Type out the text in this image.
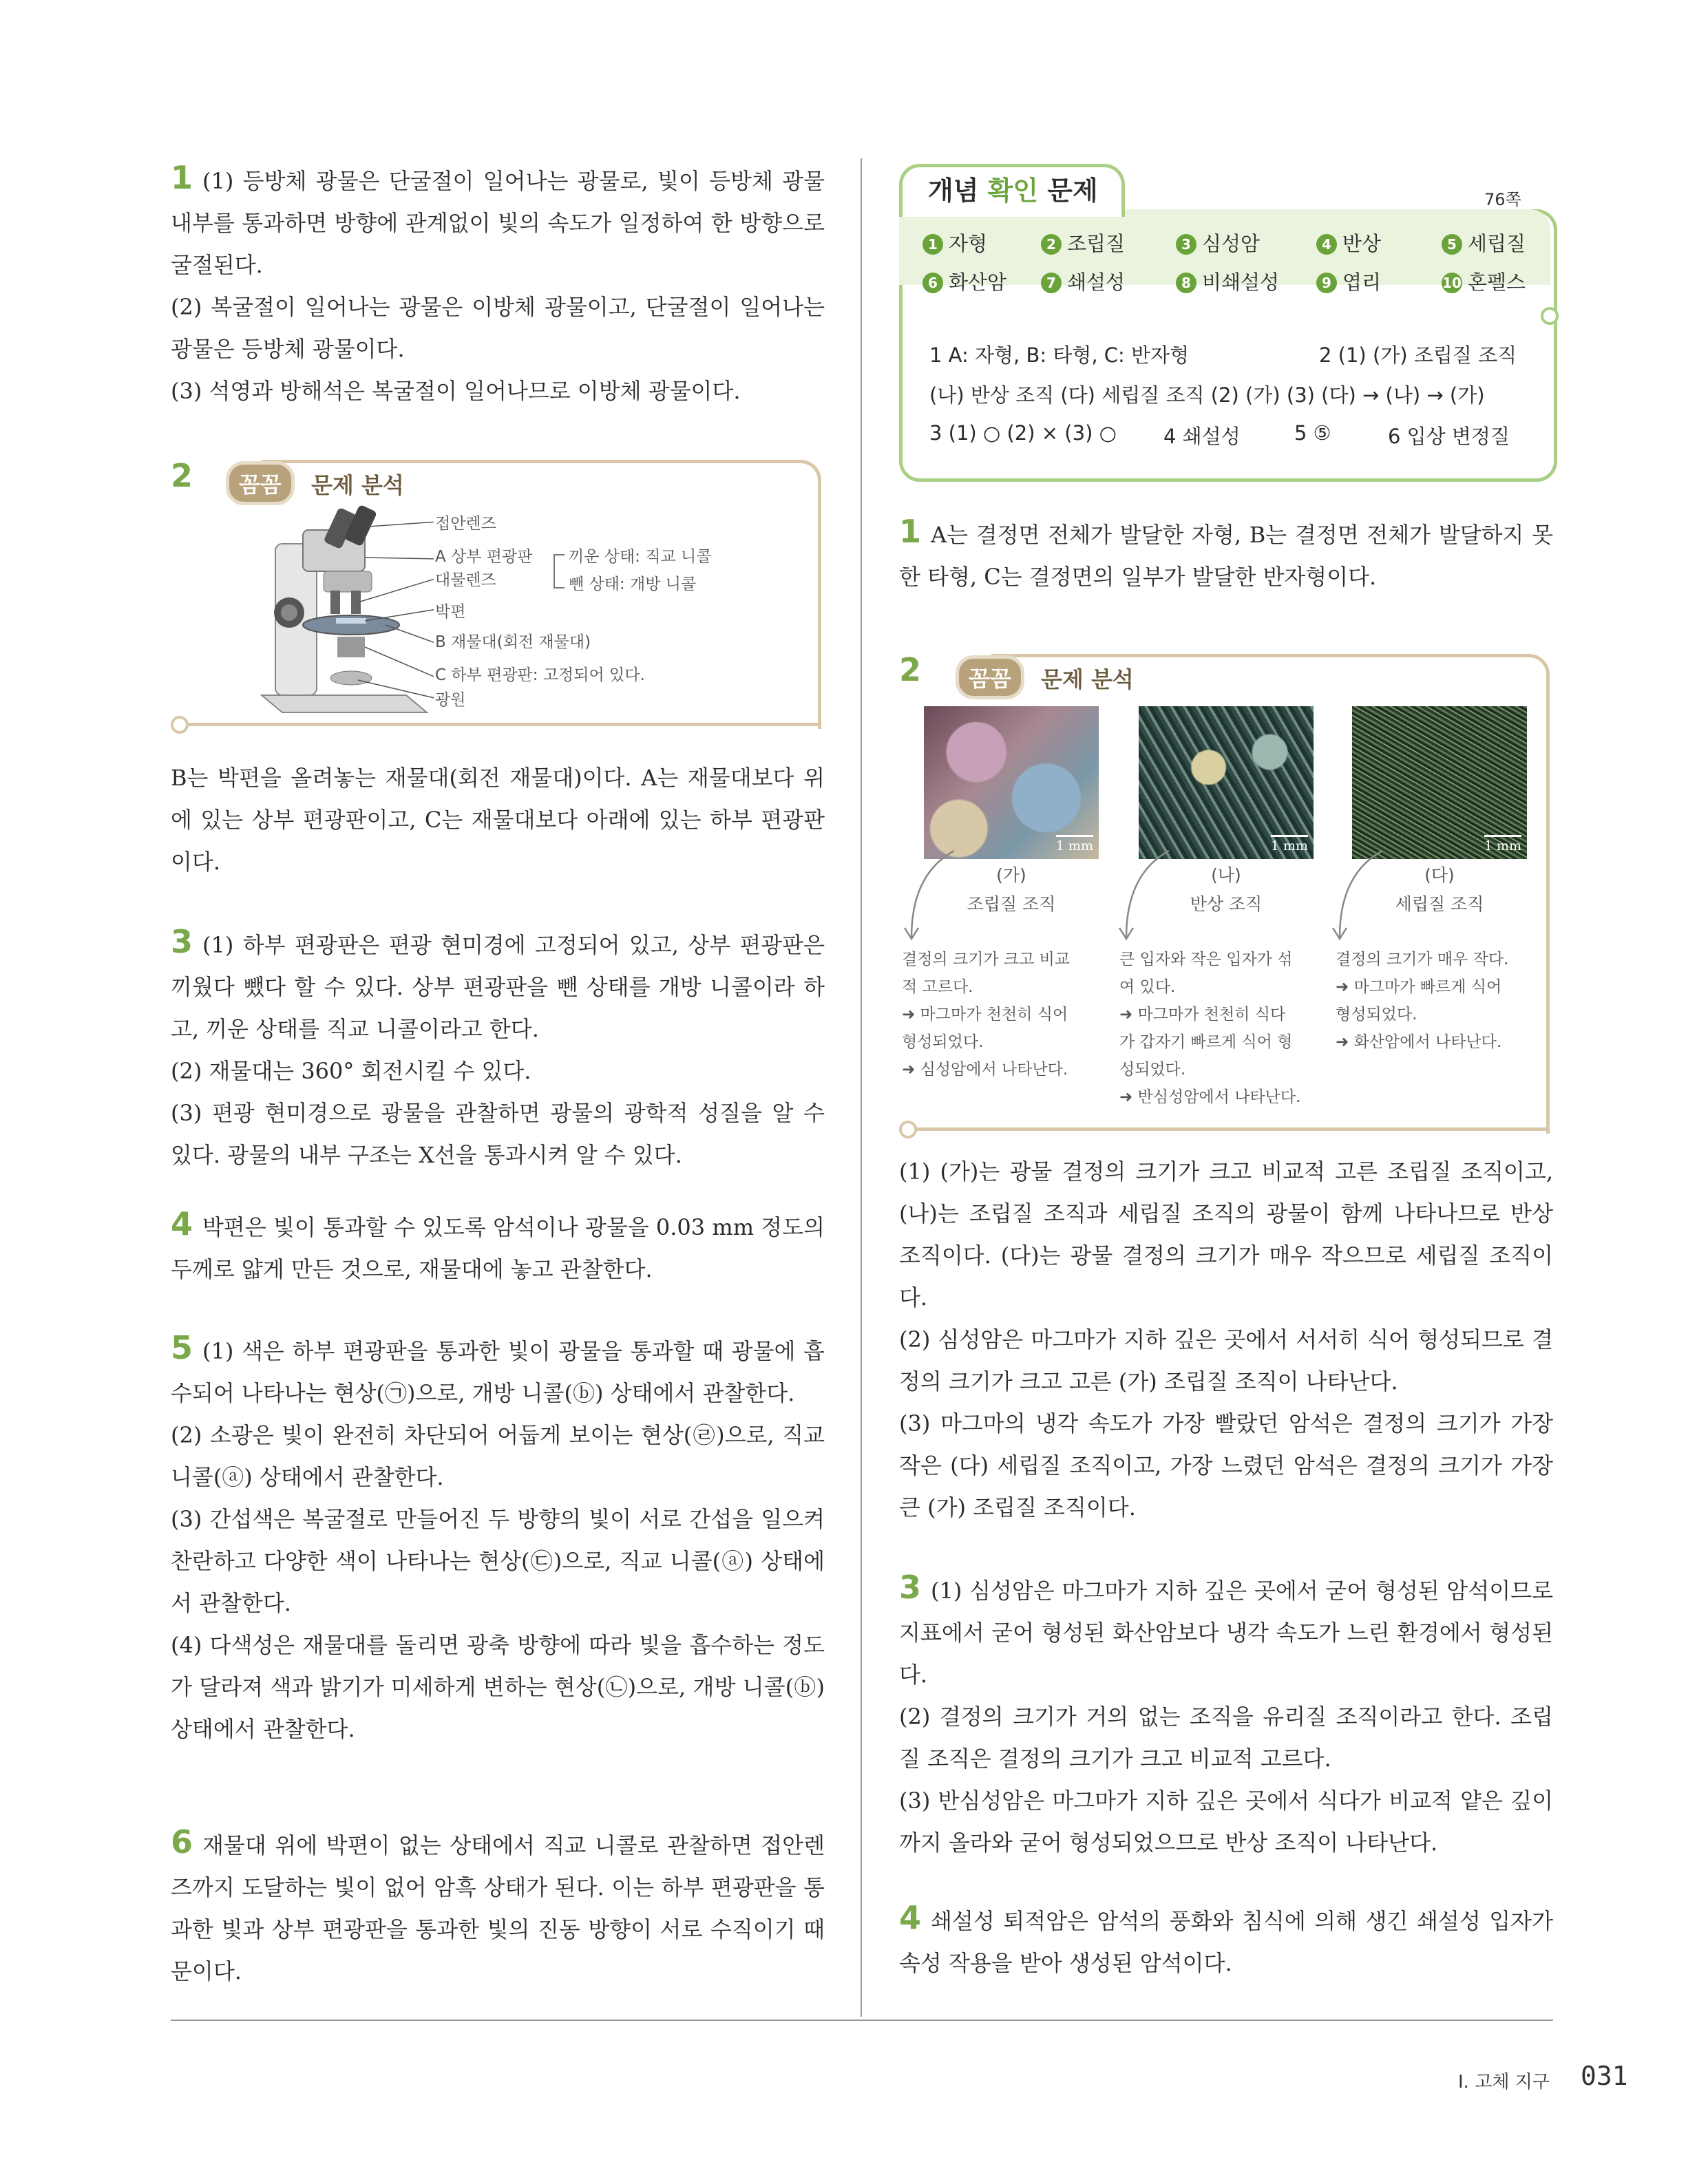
1 (1) 등방체 광물은 단굴절이 일어나는 광물로, 빛이 등방체 광물 내부를 통과하면 방향에 관계없이 빛의 속도가 일정하여 한 방향으로 굴절된다.

(2) 복굴절이 일어나는 광물은 이방체 광물이고, 단굴절이 일어나는 광물은 등방체 광물이다.

(3) 석영과 방해석은 복굴절이 일어나므로 이방체 광물이다.

2	꼼꼼	문제 분석
접안렌즈
A 상부 편광판
대물렌즈
박편
B 재물대(회전 재물대)
C 하부 편광판: 고정되어 있다.
광원
끼운 상태: 직교 니콜
뺀 상태: 개방 니콜

B는 박편을 올려놓는 재물대(회전 재물대)이다. A는 재물대보다 위에 있는 상부 편광판이고, C는 재물대보다 아래에 있는 하부 편광판이다.

3 (1) 하부 편광판은 편광 현미경에 고정되어 있고, 상부 편광판은 끼웠다 뺐다 할 수 있다. 상부 편광판을 뺀 상태를 개방 니콜이라 하고, 끼운 상태를 직교 니콜이라고 한다.

(2) 재물대는 360° 회전시킬 수 있다.

(3) 편광 현미경으로 광물을 관찰하면 광물의 광학적 성질을 알 수 있다. 광물의 내부 구조는 X선을 통과시켜 알 수 있다.

4 박편은 빛이 통과할 수 있도록 암석이나 광물을 0.03 mm 정도의 두께로 얇게 만든 것으로, 재물대에 놓고 관찰한다.

5 (1) 색은 하부 편광판을 통과한 빛이 광물을 통과할 때 광물에 흡수되어 나타나는 현상(㉠)으로, 개방 니콜(ⓑ) 상태에서 관찰한다.

(2) 소광은 빛이 완전히 차단되어 어둡게 보이는 현상(㉣)으로, 직교 니콜(ⓐ) 상태에서 관찰한다.

(3) 간섭색은 복굴절로 만들어진 두 방향의 빛이 서로 간섭을 일으켜 찬란하고 다양한 색이 나타나는 현상(㉢)으로, 직교 니콜(ⓐ) 상태에서 관찰한다.

(4) 다색성은 재물대를 돌리면 광축 방향에 따라 빛을 흡수하는 정도가 달라져 색과 밝기가 미세하게 변하는 현상(㉡)으로, 개방 니콜(ⓑ) 상태에서 관찰한다.

6 재물대 위에 박편이 없는 상태에서 직교 니콜로 관찰하면 접안렌즈까지 도달하는 빛이 없어 암흑 상태가 된다. 이는 하부 편광판을 통과한 빛과 상부 편광판을 통과한 빛의 진동 방향이 서로 수직이기 때문이다.

개념 확인 문제	76쪽
1 자형	2 조립질	3 심성암	4 반상	5 세립질
6 화산암	7 쇄설성	8 비쇄설성	9 엽리	10 혼펠스
1 A: 자형, B: 타형, C: 반자형	2 (1) (가) 조립질 조직
(나) 반상 조직 (다) 세립질 조직 (2) (가) (3) (다) → (나) → (가)
3 (1) ○ (2) × (3) ○ 4 쇄설성	5 ⑤	6 입상 변정질

1 A는 결정면 전체가 발달한 자형, B는 결정면 전체가 발달하지 못한 타형, C는 결정면의 일부가 발달한 반자형이다.

2	꼼꼼	문제 분석
1 mm	1 mm	1 mm
(가)
조립질 조직
(나)
반상 조직
(다)
세립질 조직
결정의 크기가 크고 비교
적 고르다.
➜ 마그마가 천천히 식어
형성되었다.
➜ 심성암에서 나타난다.
큰 입자와 작은 입자가 섞
여 있다.
➜ 마그마가 천천히 식다
가 갑자기 빠르게 식어 형
성되었다.
➜ 반심성암에서 나타난다.
결정의 크기가 매우 작다.
➜ 마그마가 빠르게 식어
형성되었다.
➜ 화산암에서 나타난다.

(1) (가)는 광물 결정의 크기가 크고 비교적 고른 조립질 조직이고, (나)는 조립질 조직과 세립질 조직의 광물이 함께 나타나므로 반상 조직이다. (다)는 광물 결정의 크기가 매우 작으므로 세립질 조직이다.

(2) 심성암은 마그마가 지하 깊은 곳에서 서서히 식어 형성되므로 결정의 크기가 크고 고른 (가) 조립질 조직이 나타난다.

(3) 마그마의 냉각 속도가 가장 빨랐던 암석은 결정의 크기가 가장 작은 (다) 세립질 조직이고, 가장 느렸던 암석은 결정의 크기가 가장 큰 (가) 조립질 조직이다.

3 (1) 심성암은 마그마가 지하 깊은 곳에서 굳어 형성된 암석이므로 지표에서 굳어 형성된 화산암보다 냉각 속도가 느린 환경에서 형성된다.

(2) 결정의 크기가 거의 없는 조직을 유리질 조직이라고 한다. 조립질 조직은 결정의 크기가 크고 비교적 고르다.

(3) 반심성암은 마그마가 지하 깊은 곳에서 식다가 비교적 얕은 깊이까지 올라와 굳어 형성되었으므로 반상 조직이 나타난다.

4 쇄설성 퇴적암은 암석의 풍화와 침식에 의해 생긴 쇄설성 입자가 속성 작용을 받아 생성된 암석이다.

I. 고체 지구 031
